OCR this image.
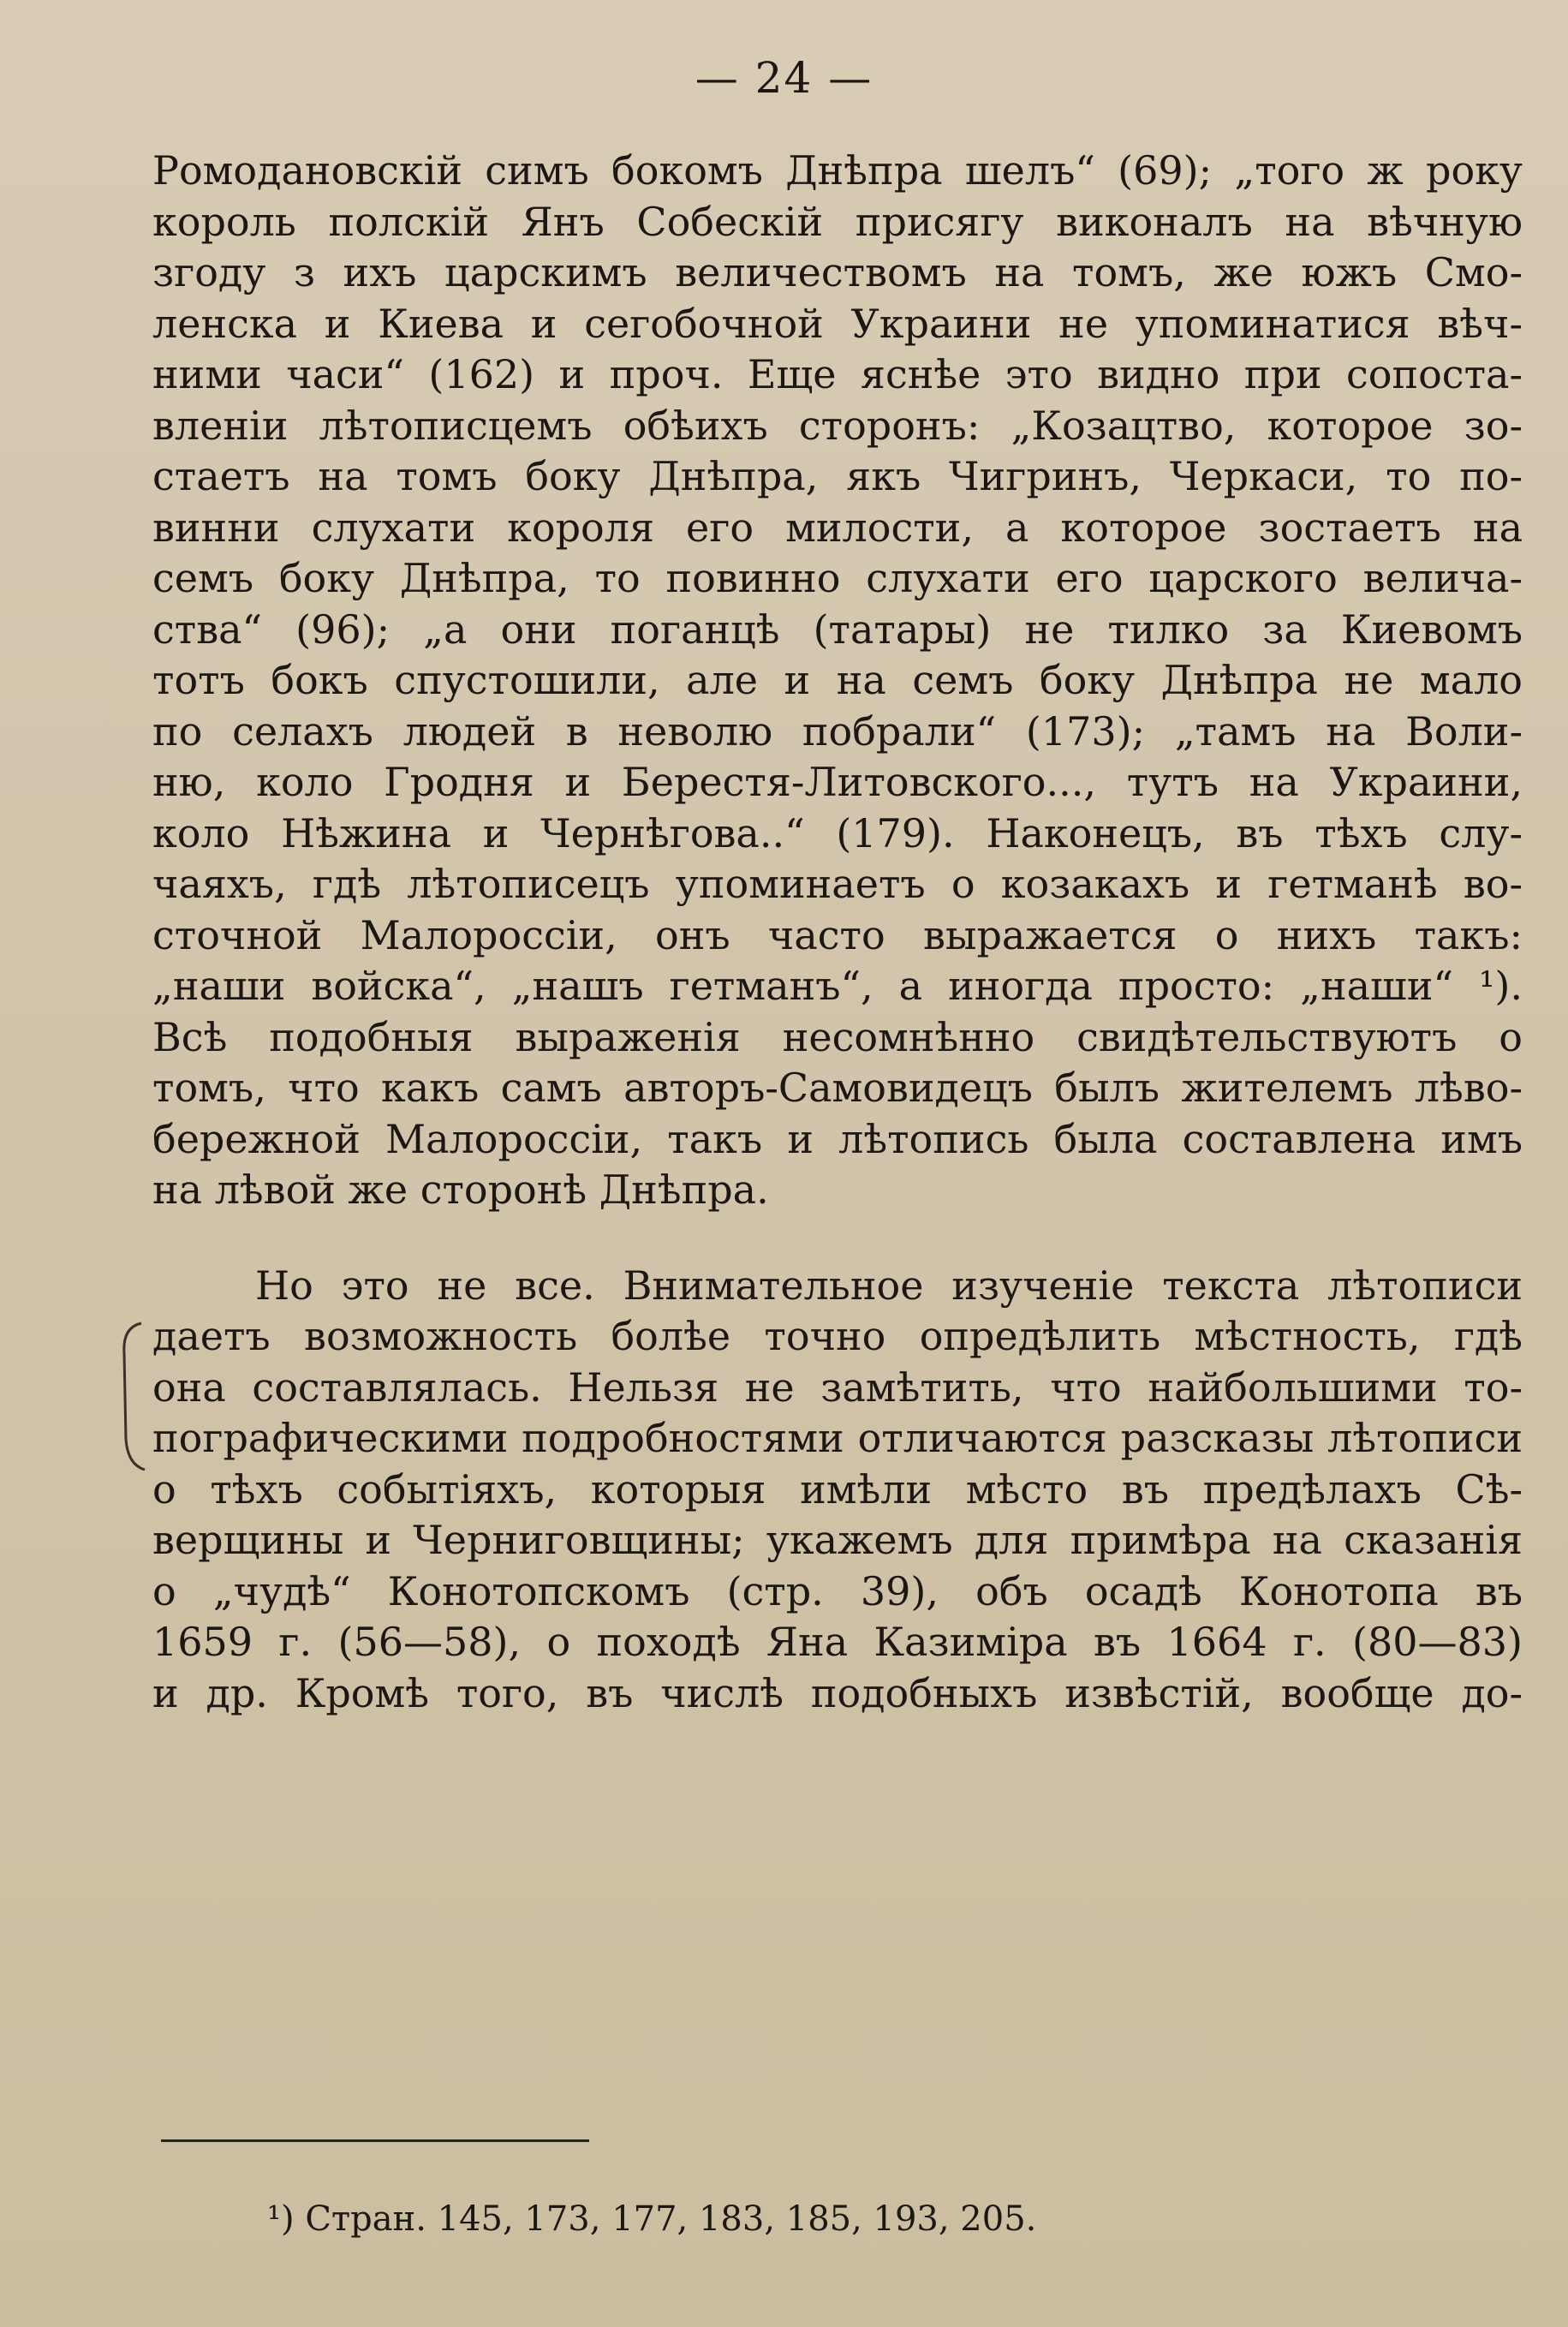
— 24 —
Ромодановскій симъ бокомъ Днѣпра шелъ“ (69); „того ж року
король полскій Янъ Собескій присягу виконалъ на вѣчную
згоду з ихъ царскимъ величествомъ на томъ, же южъ Смо-
ленска и Киева и сегобочной Украини не упоминатися вѣч-
ними часи“ (162) и проч. Еще яснѣе это видно при сопоста-
вленіи лѣтописцемъ обѣихъ сторонъ: „Козацтво, которое зо-
стаетъ на томъ боку Днѣпра, якъ Чигринъ, Черкаси, то по-
винни слухати короля его милости, а которое зостаетъ на
семъ боку Днѣпра, то повинно слухати его царского велича-
ства“ (96); „а они поганцѣ (татары) не тилко за Киевомъ
тотъ бокъ спустошили, але и на семъ боку Днѣпра не мало
по селахъ людей в неволю побрали“ (173); „тамъ на Воли-
ню, коло Гродня и Берестя-Литовского..., тутъ на Украини,
коло Нѣжина и Чернѣгова..“ (179). Наконецъ, въ тѣхъ слу-
чаяхъ, гдѣ лѣтописецъ упоминаетъ о козакахъ и гетманѣ во-
сточной Малороссіи, онъ часто выражается о нихъ такъ:
„наши войска“, „нашъ гетманъ“, а иногда просто: „наши“ ¹).
Всѣ подобныя выраженія несомнѣнно свидѣтельствуютъ о
томъ, что какъ самъ авторъ-Самовидецъ былъ жителемъ лѣво-
бережной Малороссіи, такъ и лѣтопись была составлена имъ
на лѣвой же сторонѣ Днѣпра.
Но это не все. Внимательное изученіе текста лѣтописи
даетъ возможность болѣе точно опредѣлить мѣстность, гдѣ
она составлялась. Нельзя не замѣтить, что найбольшими то-
пографическими подробностями отличаются разсказы лѣтописи
о тѣхъ событіяхъ, которыя имѣли мѣсто въ предѣлахъ Сѣ-
верщины и Черниговщины; укажемъ для примѣра на сказанія
о „чудѣ“ Конотопскомъ (стр. 39), объ осадѣ Конотопа въ
1659 г. (56—58), о походѣ Яна Казиміра въ 1664 г. (80—83)
и др. Кромѣ того, въ числѣ подобныхъ извѣстій, вообще до-
¹) Стран. 145, 173, 177, 183, 185, 193, 205.
